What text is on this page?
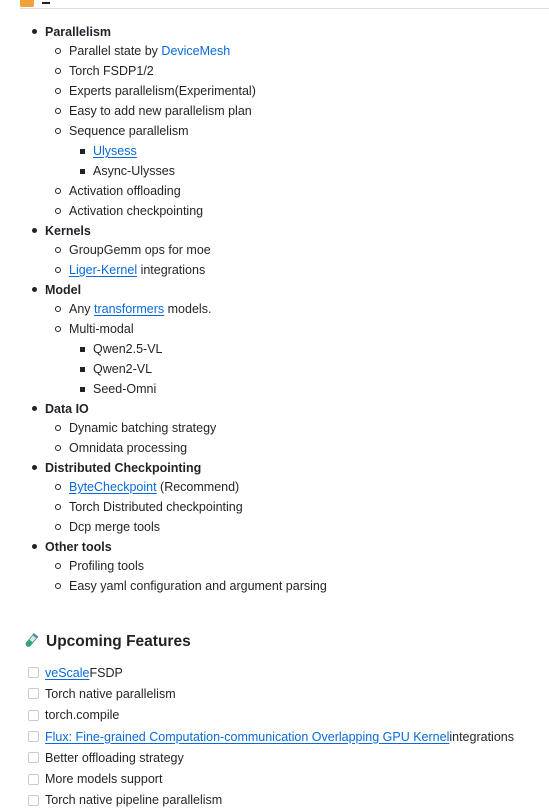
Parallelism
Parallel state by DeviceMesh
Torch FSDP1/2
Experts parallelism(Experimental)
Easy to add new parallelism plan
Sequence parallelism
Ulysess
Async-Ulysses
Activation offloading
Activation checkpointing
Kernels
GroupGemm ops for moe
Liger-Kernel integrations
Model
Any transformers models.
Multi-modal
Qwen2.5-VL
Qwen2-VL
Seed-Omni
Data IO
Dynamic batching strategy
Omnidata processing
Distributed Checkpointing
ByteCheckpoint (Recommend)
Torch Distributed checkpointing
Dcp merge tools
Other tools
Profiling tools
Easy yaml configuration and argument parsing
Upcoming Features
veScale FSDP
Torch native parallelism
torch.compile
Flux: Fine-grained Computation-communication Overlapping GPU Kernel integrations
Better offloading strategy
More models support
Torch native pipeline parallelism
